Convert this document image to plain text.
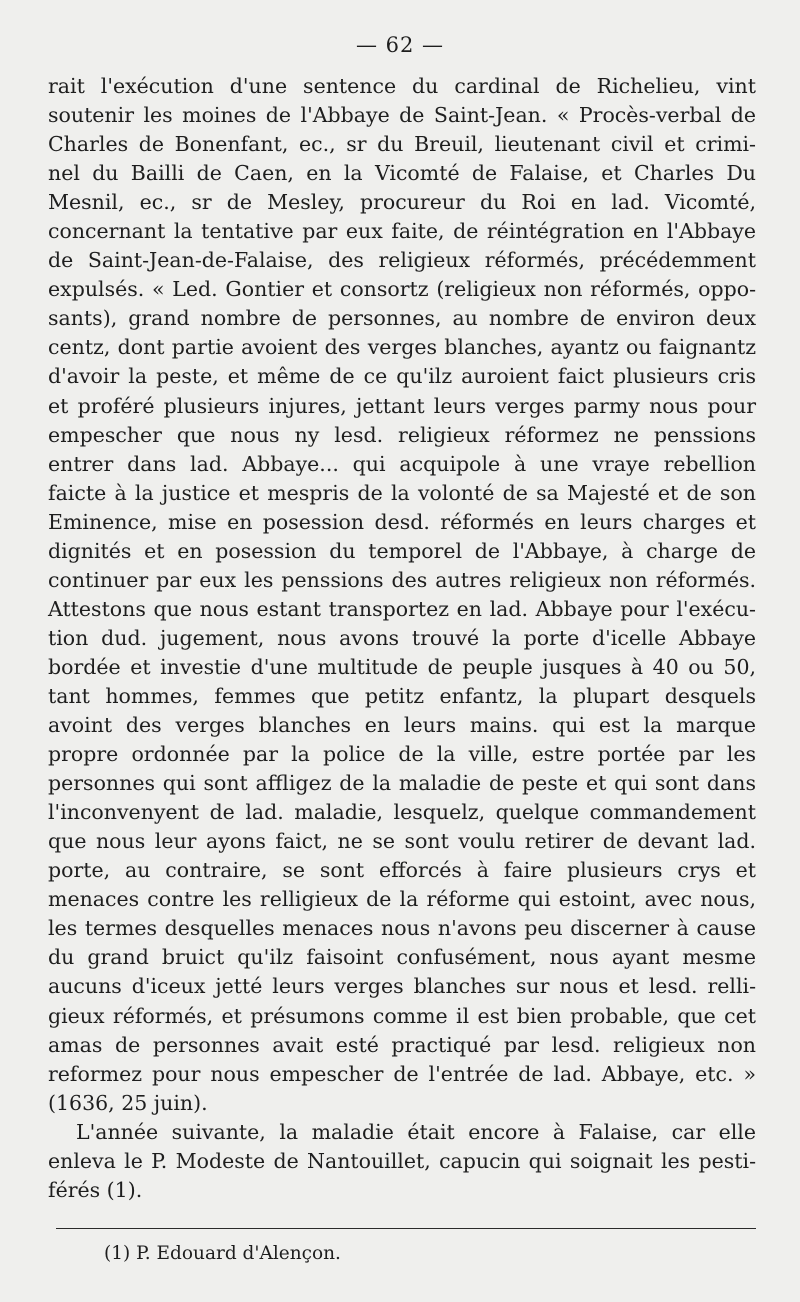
— 62 —
rait l'exécution d'une sentence du cardinal de Richelieu, vint
soutenir les moines de l'Abbaye de Saint-Jean. « Procès-verbal de
Charles de Bonenfant, ec., sr du Breuil, lieutenant civil et crimi-
nel du Bailli de Caen, en la Vicomté de Falaise, et Charles Du
Mesnil, ec., sr de Mesley, procureur du Roi en lad. Vicomté,
concernant la tentative par eux faite, de réintégration en l'Abbaye
de Saint-Jean-de-Falaise, des religieux réformés, précédemment
expulsés. « Led. Gontier et consortz (religieux non réformés, oppo-
sants), grand nombre de personnes, au nombre de environ deux
centz, dont partie avoient des verges blanches, ayantz ou faignantz
d'avoir la peste, et même de ce qu'ilz auroient faict plusieurs cris
et proféré plusieurs injures, jettant leurs verges parmy nous pour
empescher que nous ny lesd. religieux réformez ne penssions
entrer dans lad. Abbaye... qui acquipole à une vraye rebellion
faicte à la justice et mespris de la volonté de sa Majesté et de son
Eminence, mise en posession desd. réformés en leurs charges et
dignités et en posession du temporel de l'Abbaye, à charge de
continuer par eux les penssions des autres religieux non réformés.
Attestons que nous estant transportez en lad. Abbaye pour l'exécu-
tion dud. jugement, nous avons trouvé la porte d'icelle Abbaye
bordée et investie d'une multitude de peuple jusques à 40 ou 50,
tant hommes, femmes que petitz enfantz, la plupart desquels
avoint des verges blanches en leurs mains. qui est la marque
propre ordonnée par la police de la ville, estre portée par les
personnes qui sont affligez de la maladie de peste et qui sont dans
l'inconvenyent de lad. maladie, lesquelz, quelque commandement
que nous leur ayons faict, ne se sont voulu retirer de devant lad.
porte, au contraire, se sont efforcés à faire plusieurs crys et
menaces contre les relligieux de la réforme qui estoint, avec nous,
les termes desquelles menaces nous n'avons peu discerner à cause
du grand bruict qu'ilz faisoint confusément, nous ayant mesme
aucuns d'iceux jetté leurs verges blanches sur nous et lesd. relli-
gieux réformés, et présumons comme il est bien probable, que cet
amas de personnes avait esté practiqué par lesd. religieux non
reformez pour nous empescher de l'entrée de lad. Abbaye, etc. »
(1636, 25 juin).
L'année suivante, la maladie était encore à Falaise, car elle
enleva le P. Modeste de Nantouillet, capucin qui soignait les pesti-
férés (1).
(1) P. Edouard d'Alençon.
